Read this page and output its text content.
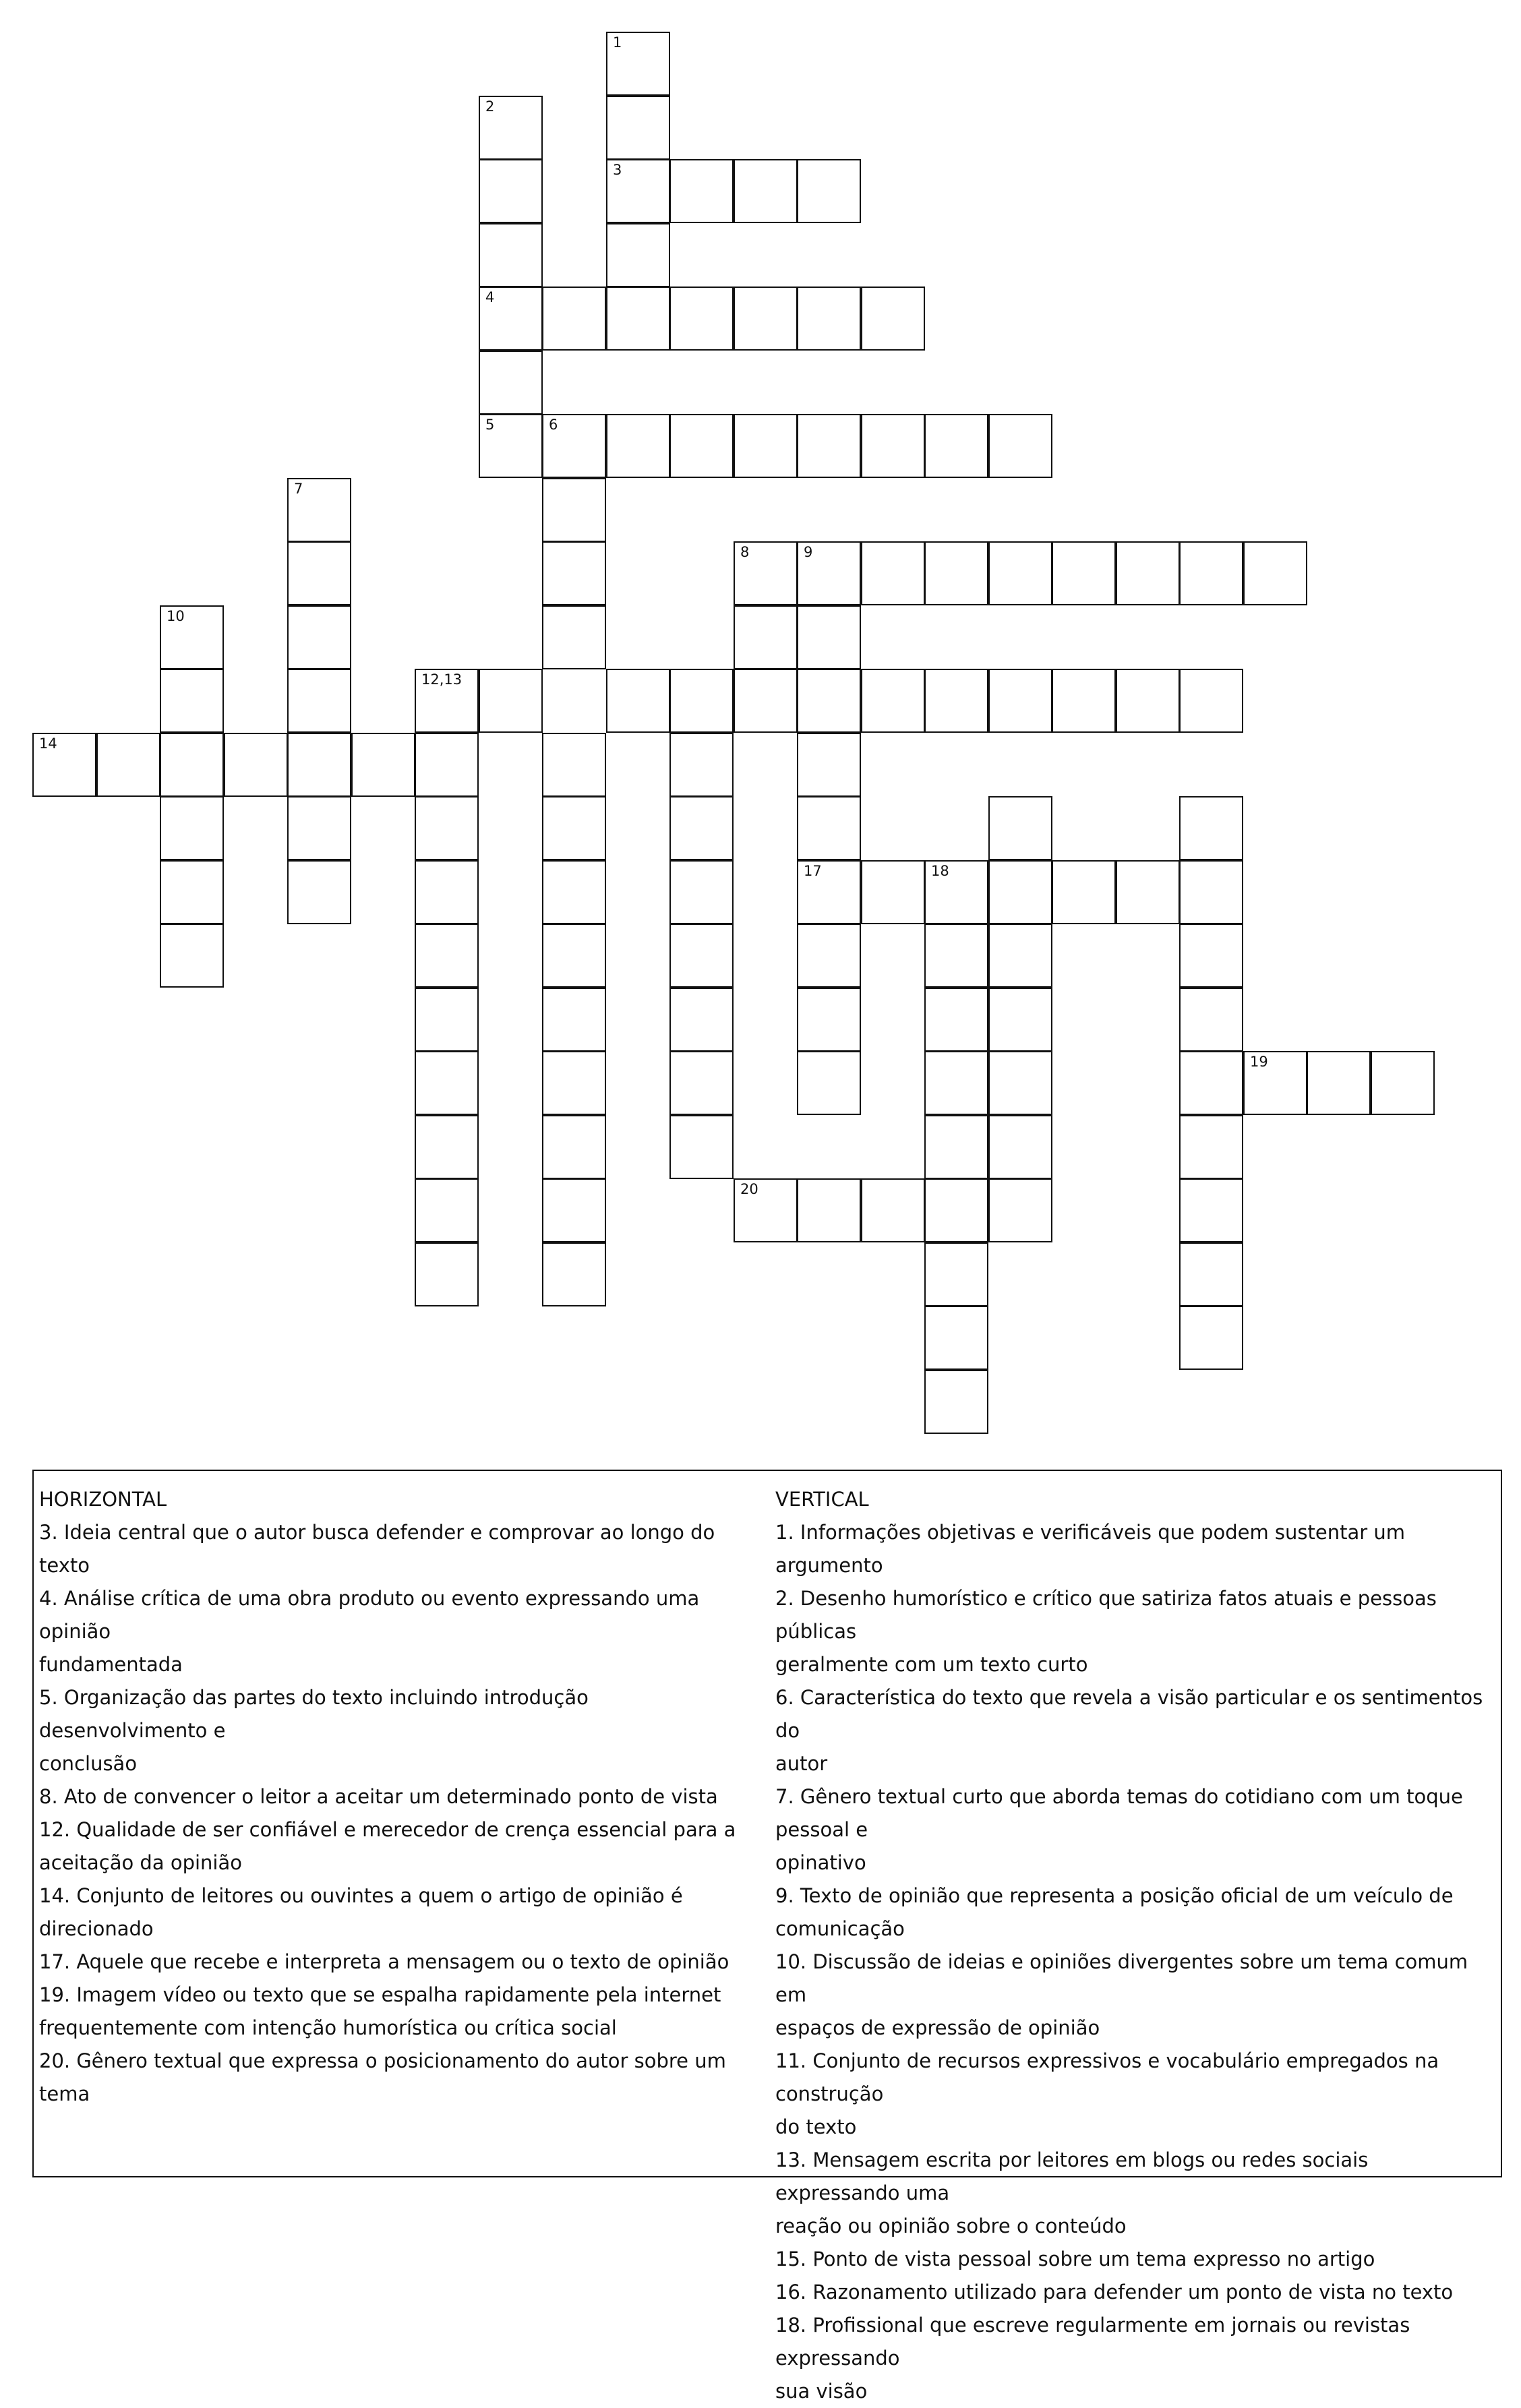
1
3
2
4
5	6
7
8	9
10
12,13
14
17	18
19
20
HORIZONTAL

3. Ideia central que o autor busca defender e comprovar ao longo do texto

4. Análise crítica de uma obra produto ou evento expressando uma opinião

fundamentada

5. Organização das partes do texto incluindo introdução desenvolvimento e

conclusão

8. Ato de convencer o leitor a aceitar um determinado ponto de vista

12. Qualidade de ser confiável e merecedor de crença essencial para a

aceitação da opinião

14. Conjunto de leitores ou ouvintes a quem o artigo de opinião é direcionado

17. Aquele que recebe e interpreta a mensagem ou o texto de opinião

19. Imagem vídeo ou texto que se espalha rapidamente pela internet

frequentemente com intenção humorística ou crítica social

20. Gênero textual que expressa o posicionamento do autor sobre um tema

VERTICAL

1. Informações objetivas e verificáveis que podem sustentar um argumento

2. Desenho humorístico e crítico que satiriza fatos atuais e pessoas públicas

geralmente com um texto curto

6. Característica do texto que revela a visão particular e os sentimentos do

autor

7. Gênero textual curto que aborda temas do cotidiano com um toque pessoal e

opinativo

9. Texto de opinião que representa a posição oficial de um veículo de

comunicação

10. Discussão de ideias e opiniões divergentes sobre um tema comum em

espaços de expressão de opinião

11. Conjunto de recursos expressivos e vocabulário empregados na construção

do texto

13. Mensagem escrita por leitores em blogs ou redes sociais expressando uma

reação ou opinião sobre o conteúdo

15. Ponto de vista pessoal sobre um tema expresso no artigo

16. Razonamento utilizado para defender um ponto de vista no texto

18. Profissional que escreve regularmente em jornais ou revistas expressando

sua visão
